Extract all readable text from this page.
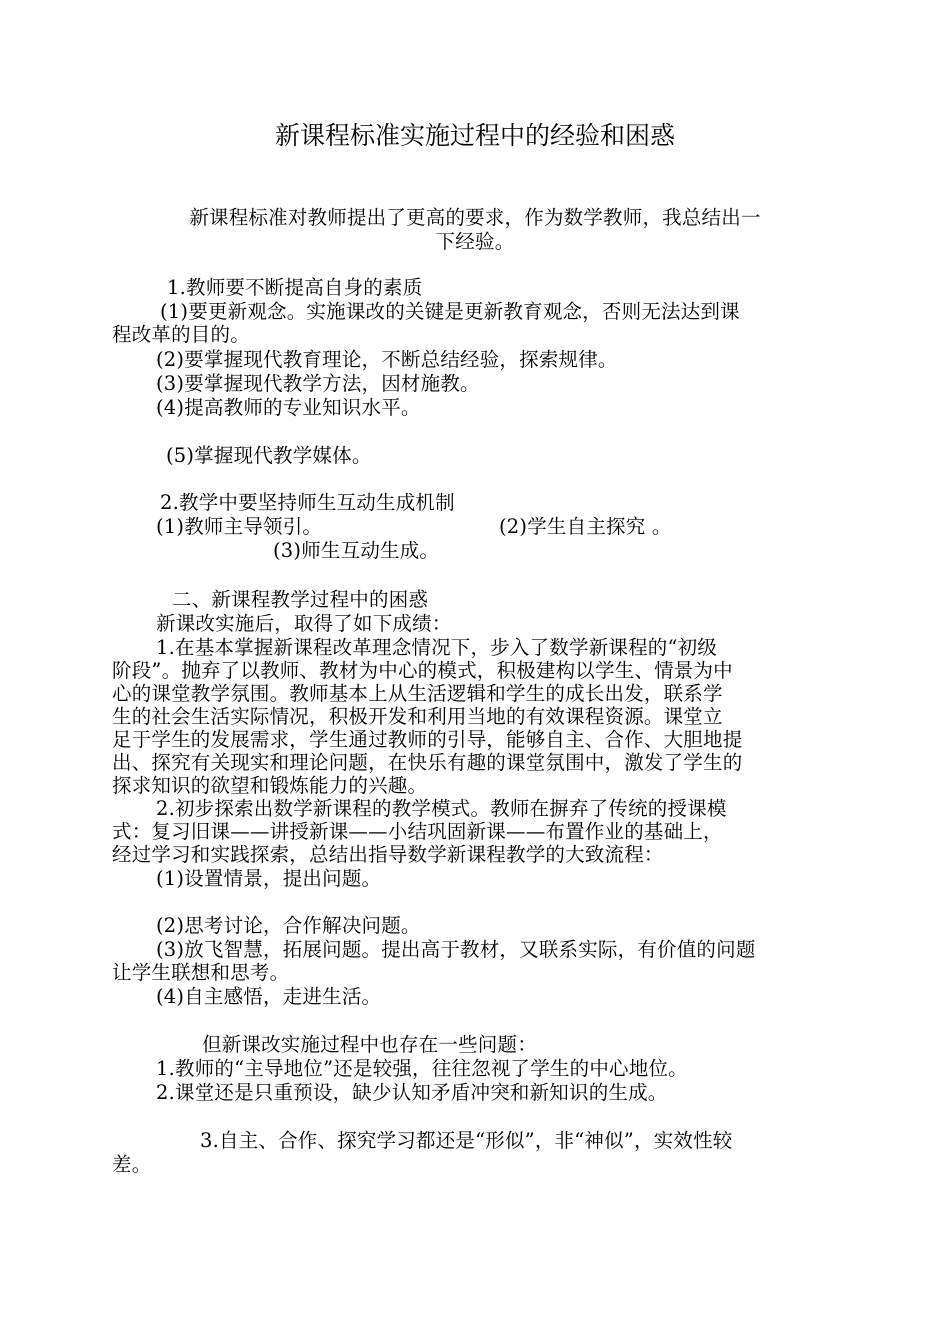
新课程标准实施过程中的经验和困惑
新课程标准对教师提出了更高的要求，作为数学教师，我总结出一
下经验。
1.教师要不断提高自身的素质
(1)要更新观念。实施课改的关键是更新教育观念，否则无法达到课
程改革的目的。
(2)要掌握现代教育理论，不断总结经验，探索规律。
(3)要掌握现代教学方法，因材施教。
(4)提高教师的专业知识水平。
(5)掌握现代教学媒体。
2.教学中要坚持师生互动生成机制
(1)教师主导领引。	(2)学生自主探究 。
(3)师生互动生成。
二、新课程教学过程中的困惑
新课改实施后，取得了如下成绩：
1.在基本掌握新课程改革理念情况下，步入了数学新课程的“初级
阶段”。抛弃了以教师、教材为中心的模式，积极建构以学生、情景为中
心的课堂教学氛围。教师基本上从生活逻辑和学生的成长出发，联系学
生的社会生活实际情况，积极开发和利用当地的有效课程资源。课堂立
足于学生的发展需求，学生通过教师的引导，能够自主、合作、大胆地提
出、探究有关现实和理论问题，在快乐有趣的课堂氛围中，激发了学生的
探求知识的欲望和锻炼能力的兴趣。
2.初步探索出数学新课程的教学模式。教师在摒弃了传统的授课模
式：复习旧课——讲授新课——小结巩固新课——布置作业的基础上，
经过学习和实践探索，总结出指导数学新课程教学的大致流程：
(1)设置情景，提出问题。
(2)思考讨论，合作解决问题。
(3)放飞智慧，拓展问题。提出高于教材，又联系实际，有价值的问题
让学生联想和思考。
(4)自主感悟，走进生活。
但新课改实施过程中也存在一些问题：
1.教师的“主导地位”还是较强，往往忽视了学生的中心地位。
2.课堂还是只重预设，缺少认知矛盾冲突和新知识的生成。
3.自主、合作、探究学习都还是“形似”，非“神似”，实效性较
差。
